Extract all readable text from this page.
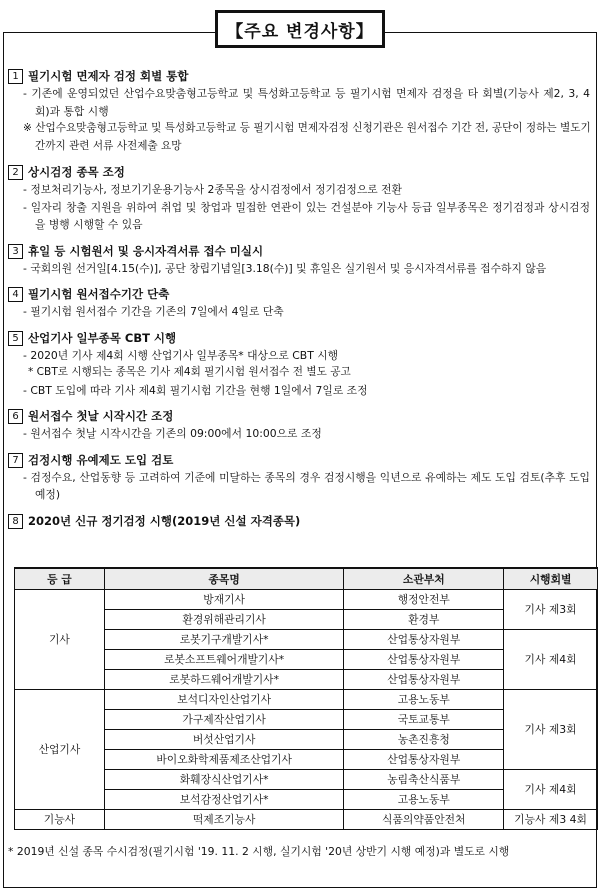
【주요 변경사항】
1 필기시험 면제자 검정 회별 통합
- 기존에 운영되었던 산업수요맞춤형고등학교 및 특성화고등학교 등 필기시험 면제자 검정을 타 회별(기능사 제2, 3, 4회)과 통합 시행
※ 산업수요맞춤형고등학교 및 특성화고등학교 등 필기시험 면제자검정 신청기관은 원서접수 기간 전, 공단이 정하는 별도기간까지 관련 서류 사전제출 요망
2 상시검정 종목 조정
- 정보처리기능사, 정보기기운용기능사 2종목을 상시검정에서 정기검정으로 전환
- 일자리 창출 지원을 위하여 취업 및 창업과 밀접한 연관이 있는 건설분야 기능사 등급 일부종목은 정기검정과 상시검정을 병행 시행할 수 있음
3 휴일 등 시험원서 및 응시자격서류 접수 미실시
- 국회의원 선거일[4.15(수)], 공단 창립기념일[3.18(수)] 및 휴일은 실기원서 및 응시자격서류를 접수하지 않음
4 필기시험 원서접수기간 단축
- 필기시험 원서접수 기간을 기존의 7일에서 4일로 단축
5 산업기사 일부종목 CBT 시행
- 2020년 기사 제4회 시행 산업기사 일부종목* 대상으로 CBT 시행
* CBT로 시행되는 종목은 기사 제4회 필기시험 원서접수 전 별도 공고
- CBT 도입에 따라 기사 제4회 필기시험 기간을 현행 1일에서 7일로 조정
6 원서접수 첫날 시작시간 조정
- 원서접수 첫날 시작시간을 기존의 09:00에서 10:00으로 조정
7 검정시행 유예제도 도입 검토
- 검정수요, 산업동향 등 고려하여 기준에 미달하는 종목의 경우 검정시행을 익년으로 유예하는 제도 도입 검토(추후 도입 예정)
8 2020년 신규 정기검정 시행(2019년 신설 자격종목)
등 급	종목명	소관부처	시행회별
기사	방재기사	행정안전부	기사 제3회
	환경위해관리기사	환경부	
	로봇기구개발기사*	산업통상자원부	기사 제4회
	로봇소프트웨어개발기사*	산업통상자원부	
	로봇하드웨어개발기사*	산업통상자원부	
산업기사	보석디자인산업기사	고용노동부	기사 제3회
	가구제작산업기사	국토교통부	
	버섯산업기사	농촌진흥청	
	바이오화학제품제조산업기사	산업통상자원부	
	화훼장식산업기사*	농림축산식품부	기사 제4회
	보석감정산업기사*	고용노동부	
기능사	떡제조기능사	식품의약품안전처	기능사 제3 4회
* 2019년 신설 종목 수시검정(필기시험 '19. 11. 2 시행, 실기시험 '20년 상반기 시행 예정)과 별도로 시행
